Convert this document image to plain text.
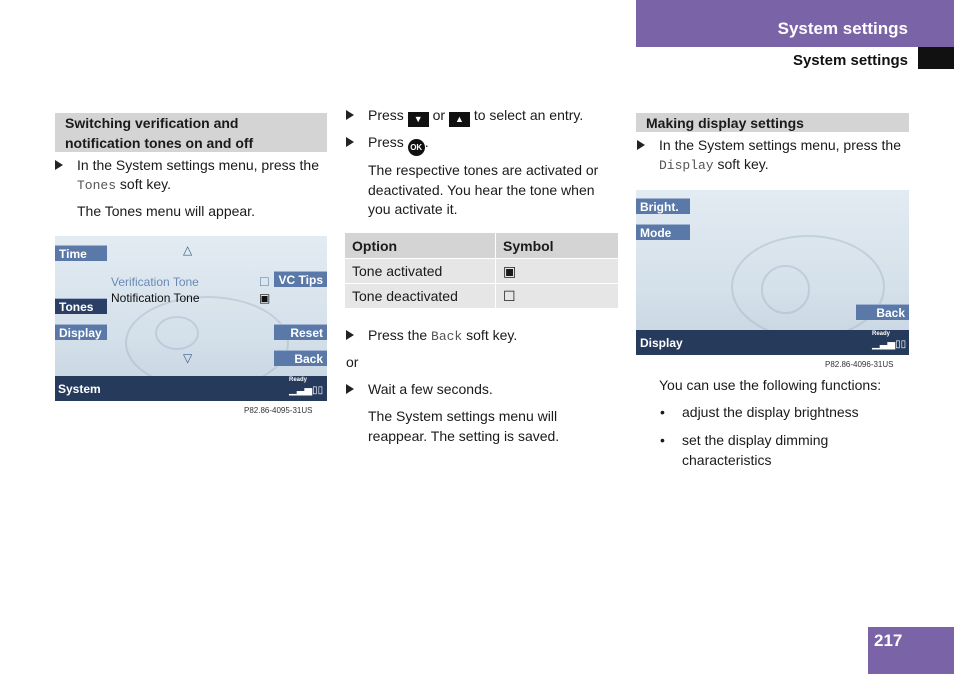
System settings
System settings
217
Switching verification and notification tones on and off
In the System settings menu, press the Tones soft key.
The Tones menu will appear.
Time
Tones
Display
VC Tips
Reset
Back
△
▽
Verification Tone	☐
Notification Tone	▣
System
Ready
▁▃▅▯▯
P82.86-4095-31US
Press ▼ or ▲ to select an entry.
Press OK .
The respective tones are activated or deactivated. You hear the tone when you activate it.
Option	Symbol
Tone activated	▣
Tone deactivated	☐
Press the Back soft key.
or
Wait a few seconds.
The System settings menu will reappear. The setting is saved.
Making display settings
In the System settings menu, press the Display soft key.
Bright.
Mode
Back
Display
Ready
▁▃▅▯▯
P82.86-4096-31US
You can use the following functions:
• adjust the display brightness
• set the display dimming characteristics
